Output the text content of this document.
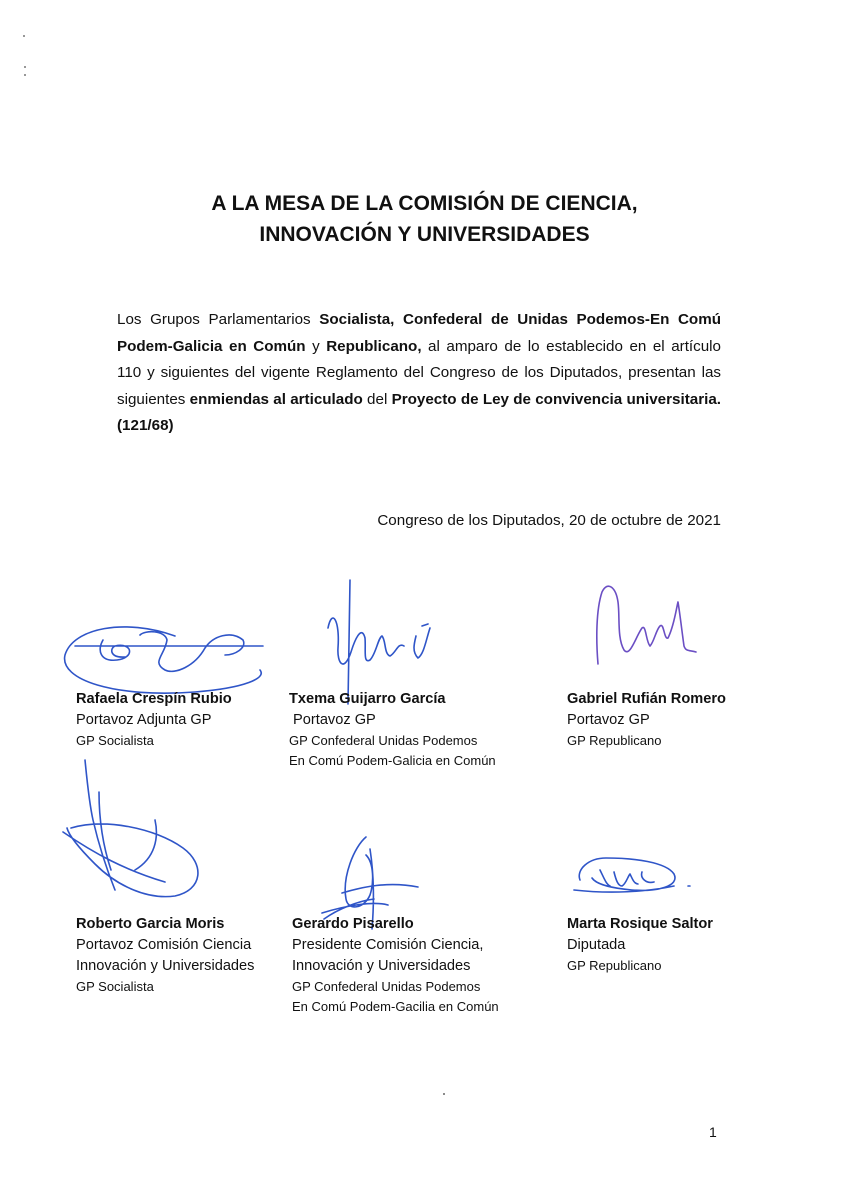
A LA MESA DE LA COMISIÓN DE CIENCIA,
INNOVACIÓN Y UNIVERSIDADES
Los Grupos Parlamentarios Socialista, Confederal de Unidas Podemos-En Comú Podem-Galicia en Común y Republicano, al amparo de lo establecido en el artículo 110 y siguientes del vigente Reglamento del Congreso de los Diputados, presentan las siguientes enmiendas al articulado del Proyecto de Ley de convivencia universitaria. (121/68)
Congreso de los Diputados, 20 de octubre de 2021
Rafaela Crespín Rubio
Portavoz Adjunta GP
GP Socialista
Txema Guijarro García
Portavoz GP
GP Confederal Unidas Podemos
En Comú Podem-Galicia en Común
Gabriel Rufián Romero
Portavoz GP
GP Republicano
Roberto Garcia Moris
Portavoz Comisión Ciencia
Innovación y Universidades
GP Socialista
Gerardo Pisarello
Presidente Comisión Ciencia,
Innovación y Universidades
GP Confederal Unidas Podemos
En Comú Podem-Gacilia en Común
Marta Rosique Saltor
Diputada
GP Republicano
1
